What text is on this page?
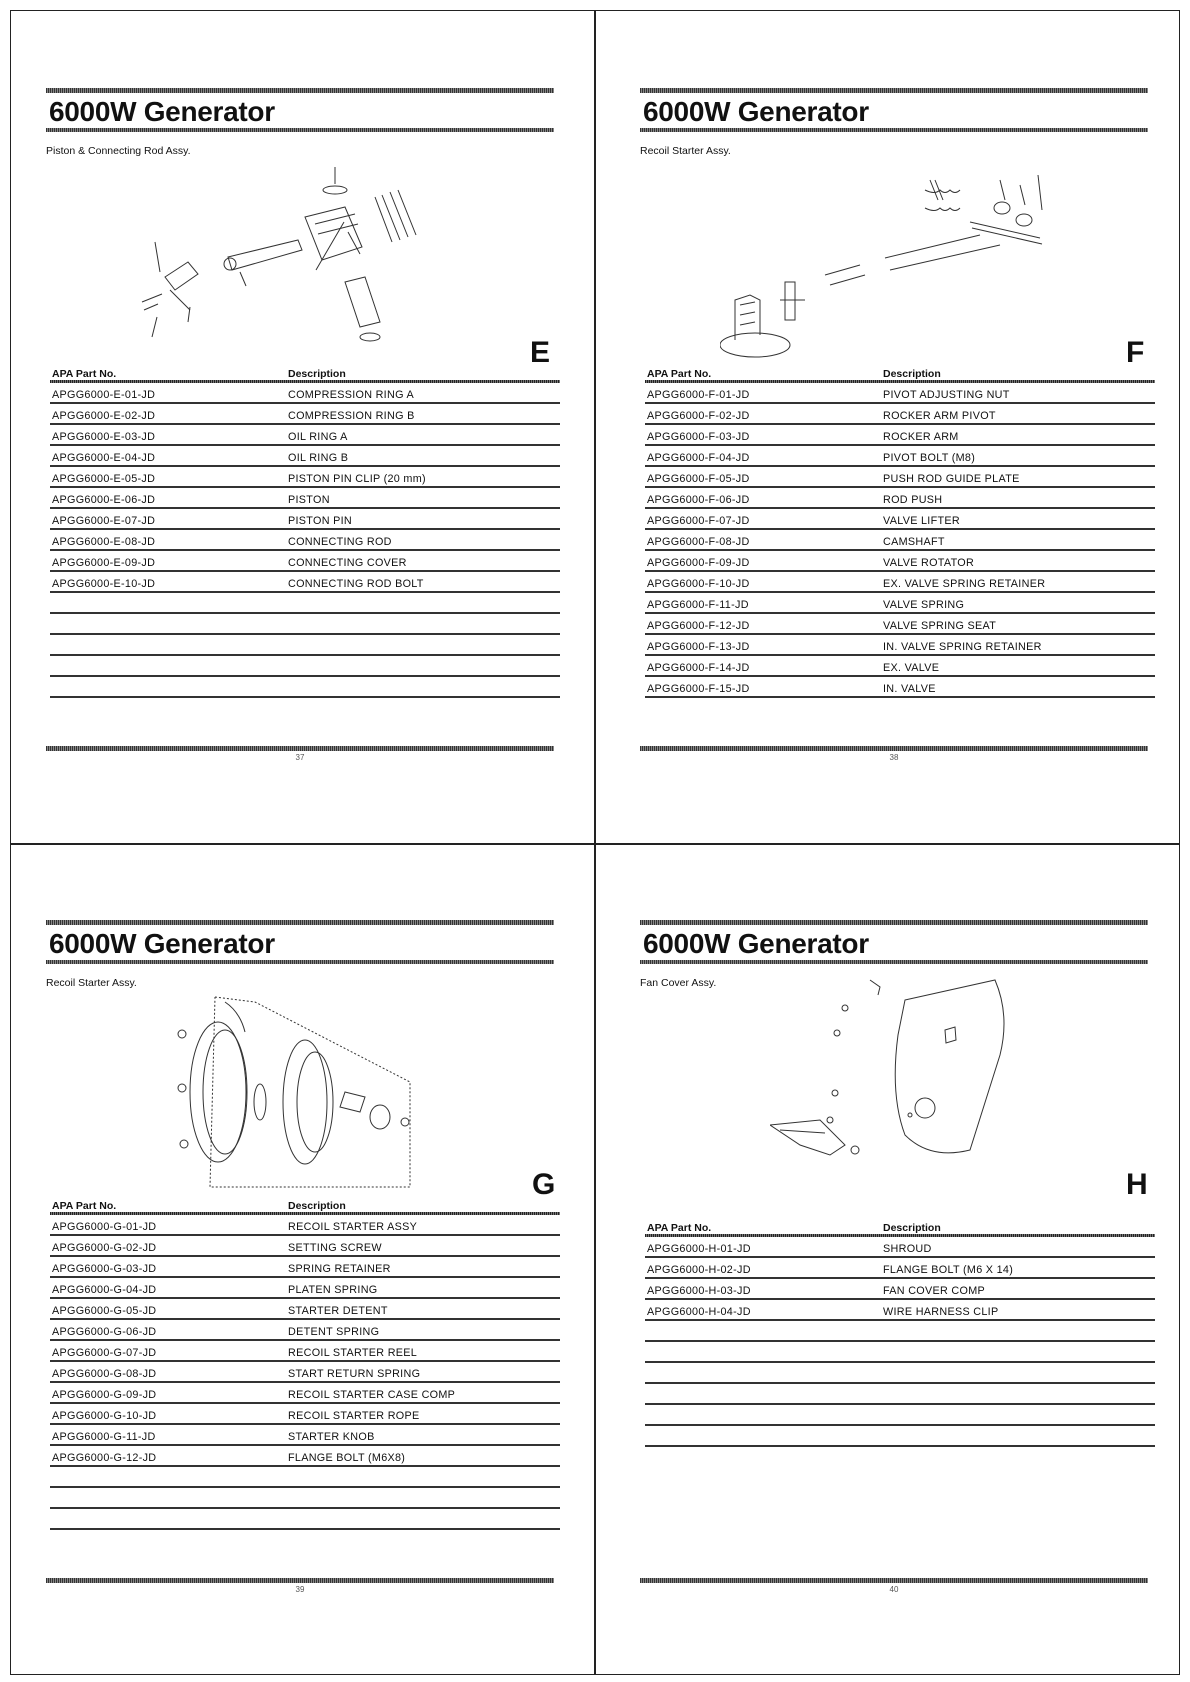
6000W Generator
Piston & Connecting Rod Assy.
E
APA Part No.	Description
APGG6000-E-01-JD	COMPRESSION RING A
APGG6000-E-02-JD	COMPRESSION RING B
APGG6000-E-03-JD	OIL RING A
APGG6000-E-04-JD	OIL RING B
APGG6000-E-05-JD	PISTON PIN CLIP (20 mm)
APGG6000-E-06-JD	PISTON
APGG6000-E-07-JD	PISTON PIN
APGG6000-E-08-JD	CONNECTING ROD
APGG6000-E-09-JD	CONNECTING COVER
APGG6000-E-10-JD	CONNECTING ROD BOLT
37
6000W Generator
Recoil Starter Assy.
F
APA Part No.	Description
APGG6000-F-01-JD	PIVOT ADJUSTING NUT
APGG6000-F-02-JD	ROCKER ARM PIVOT
APGG6000-F-03-JD	ROCKER ARM
APGG6000-F-04-JD	PIVOT BOLT (M8)
APGG6000-F-05-JD	PUSH ROD GUIDE PLATE
APGG6000-F-06-JD	ROD PUSH
APGG6000-F-07-JD	VALVE LIFTER
APGG6000-F-08-JD	CAMSHAFT
APGG6000-F-09-JD	VALVE ROTATOR
APGG6000-F-10-JD	EX. VALVE SPRING RETAINER
APGG6000-F-11-JD	VALVE SPRING
APGG6000-F-12-JD	VALVE SPRING SEAT
APGG6000-F-13-JD	IN. VALVE SPRING RETAINER
APGG6000-F-14-JD	EX. VALVE
APGG6000-F-15-JD	IN. VALVE
38
6000W Generator
Recoil Starter Assy.
G
APA Part No.	Description
APGG6000-G-01-JD	RECOIL STARTER ASSY
APGG6000-G-02-JD	SETTING SCREW
APGG6000-G-03-JD	SPRING RETAINER
APGG6000-G-04-JD	PLATEN SPRING
APGG6000-G-05-JD	STARTER DETENT
APGG6000-G-06-JD	DETENT SPRING
APGG6000-G-07-JD	RECOIL STARTER REEL
APGG6000-G-08-JD	START RETURN SPRING
APGG6000-G-09-JD	RECOIL STARTER CASE COMP
APGG6000-G-10-JD	RECOIL STARTER ROPE
APGG6000-G-11-JD	STARTER KNOB
APGG6000-G-12-JD	FLANGE BOLT (M6X8)
39
6000W Generator
Fan Cover Assy.
H
APA Part No.	Description
APGG6000-H-01-JD	SHROUD
APGG6000-H-02-JD	FLANGE BOLT (M6 X 14)
APGG6000-H-03-JD	FAN COVER COMP
APGG6000-H-04-JD	WIRE HARNESS CLIP
40
